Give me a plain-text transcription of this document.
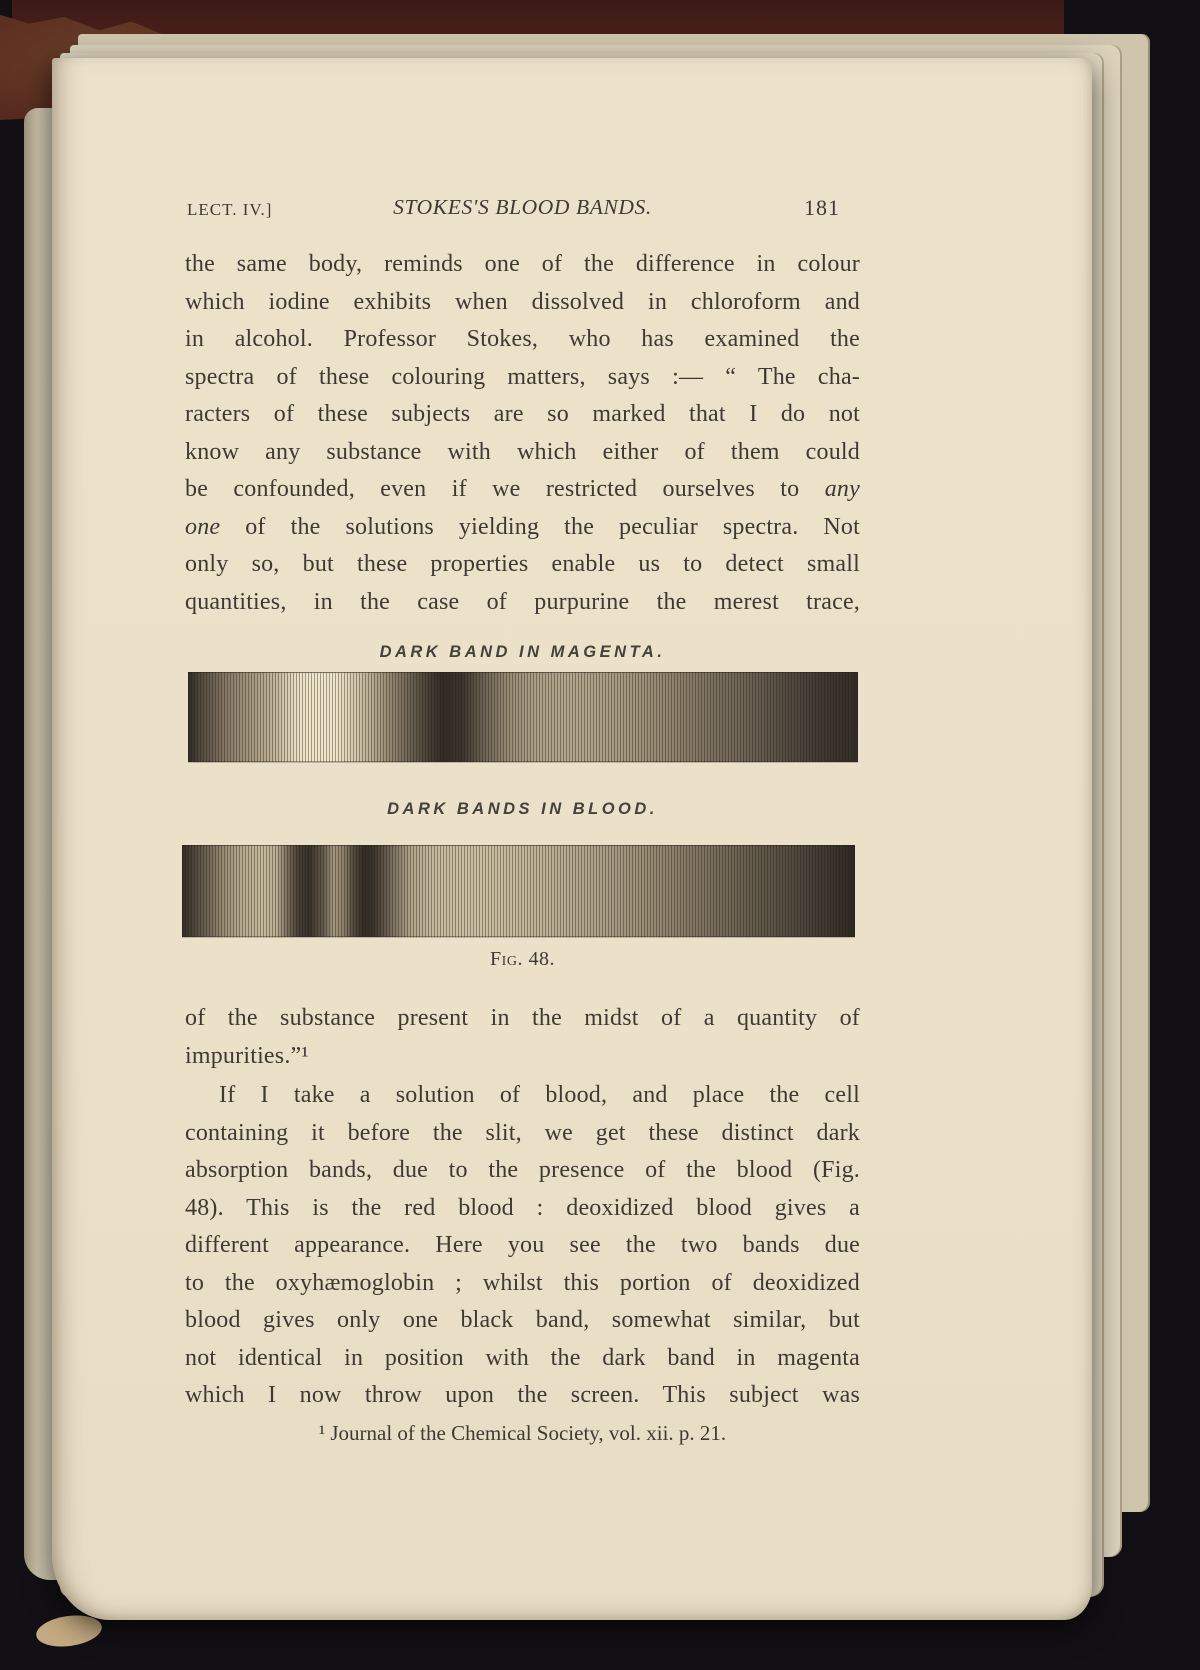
LECT. IV.]	STOKES'S BLOOD BANDS.	181
the same body, reminds one of the difference in colour
which iodine exhibits when dissolved in chloroform and
in alcohol. Professor Stokes, who has examined the
spectra of these colouring matters, says :— “ The cha-
racters of these subjects are so marked that I do not
know any substance with which either of them could
be confounded, even if we restricted ourselves to any
one of the solutions yielding the peculiar spectra. Not
only so, but these properties enable us to detect small
quantities, in the case of purpurine the merest trace,
DARK BAND IN MAGENTA.
DARK BANDS IN BLOOD.
Fig. 48.
of the substance present in the midst of a quantity of
impurities.”¹
If I take a solution of blood, and place the cell
containing it before the slit, we get these distinct dark
absorption bands, due to the presence of the blood (Fig.
48). This is the red blood : deoxidized blood gives a
different appearance. Here you see the two bands due
to the oxyhæmoglobin ; whilst this portion of deoxidized
blood gives only one black band, somewhat similar, but
not identical in position with the dark band in magenta
which I now throw upon the screen. This subject was
¹ Journal of the Chemical Society, vol. xii. p. 21.
